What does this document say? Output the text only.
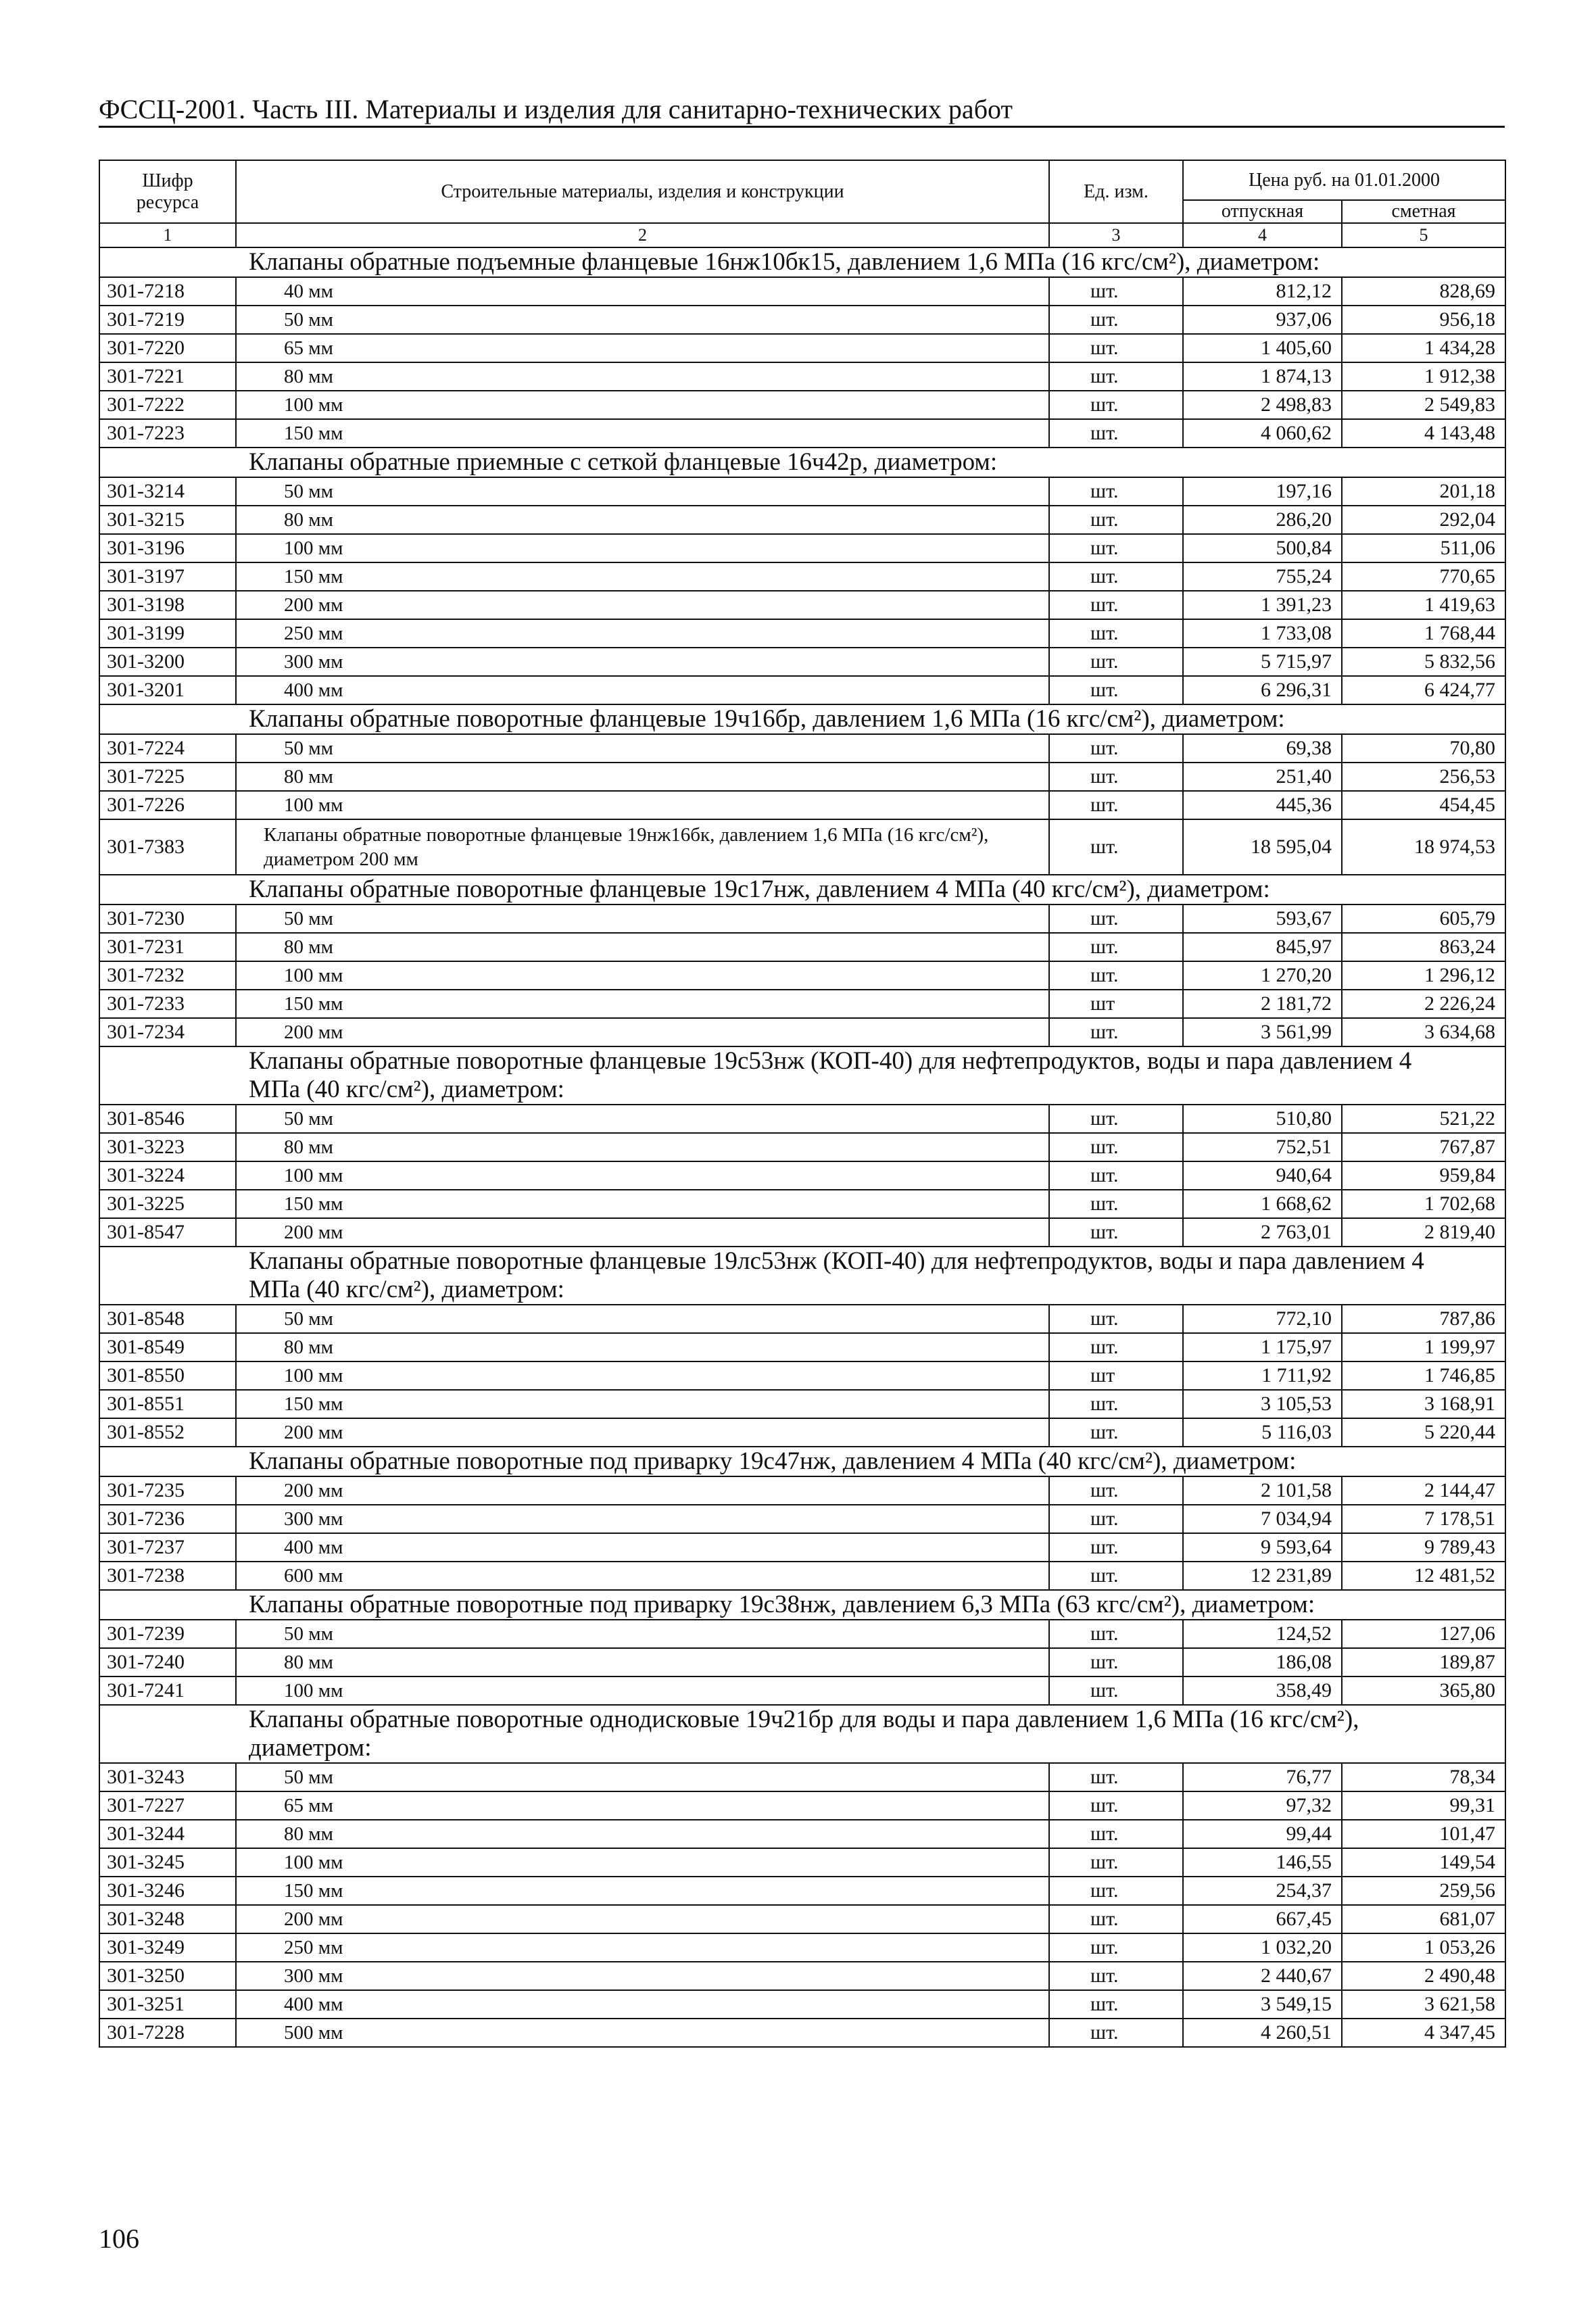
ФССЦ-2001. Часть III. Материалы и изделия для санитарно-технических работ
Шифр ресурса	Строительные материалы, изделия и конструкции	Ед. изм.	Цена руб. на 01.01.2000	
			отпускная	сметная
1	2	3	4	5
Клапаны обратные подъемные фланцевые 16нж10бк15, давлением 1,6 МПа (16 кгс/см²), диаметром:				
301-7218	40 мм	шт.	812,12	828,69
301-7219	50 мм	шт.	937,06	956,18
301-7220	65 мм	шт.	1 405,60	1 434,28
301-7221	80 мм	шт.	1 874,13	1 912,38
301-7222	100 мм	шт.	2 498,83	2 549,83
301-7223	150 мм	шт.	4 060,62	4 143,48
Клапаны обратные приемные с сеткой фланцевые 16ч42р, диаметром:				
301-3214	50 мм	шт.	197,16	201,18
301-3215	80 мм	шт.	286,20	292,04
301-3196	100 мм	шт.	500,84	511,06
301-3197	150 мм	шт.	755,24	770,65
301-3198	200 мм	шт.	1 391,23	1 419,63
301-3199	250 мм	шт.	1 733,08	1 768,44
301-3200	300 мм	шт.	5 715,97	5 832,56
301-3201	400 мм	шт.	6 296,31	6 424,77
Клапаны обратные поворотные фланцевые 19ч16бр, давлением 1,6 МПа (16 кгс/см²), диаметром:				
301-7224	50 мм	шт.	69,38	70,80
301-7225	80 мм	шт.	251,40	256,53
301-7226	100 мм	шт.	445,36	454,45
301-7383	Клапаны обратные поворотные фланцевые 19нж16бк, давлением 1,6 МПа (16 кгс/см²), диаметром 200 мм	шт.	18 595,04	18 974,53
Клапаны обратные поворотные фланцевые 19с17нж, давлением 4 МПа (40 кгс/см²), диаметром:				
301-7230	50 мм	шт.	593,67	605,79
301-7231	80 мм	шт.	845,97	863,24
301-7232	100 мм	шт.	1 270,20	1 296,12
301-7233	150 мм	шт	2 181,72	2 226,24
301-7234	200 мм	шт.	3 561,99	3 634,68
Клапаны обратные поворотные фланцевые 19с53нж (КОП-40) для нефтепродуктов, воды и пара давлением 4 МПа (40 кгс/см²), диаметром:				
301-8546	50 мм	шт.	510,80	521,22
301-3223	80 мм	шт.	752,51	767,87
301-3224	100 мм	шт.	940,64	959,84
301-3225	150 мм	шт.	1 668,62	1 702,68
301-8547	200 мм	шт.	2 763,01	2 819,40
Клапаны обратные поворотные фланцевые 19лс53нж (КОП-40) для нефтепродуктов, воды и пара давлением 4 МПа (40 кгс/см²), диаметром:				
301-8548	50 мм	шт.	772,10	787,86
301-8549	80 мм	шт.	1 175,97	1 199,97
301-8550	100 мм	шт	1 711,92	1 746,85
301-8551	150 мм	шт.	3 105,53	3 168,91
301-8552	200 мм	шт.	5 116,03	5 220,44
Клапаны обратные поворотные под приварку 19с47нж, давлением 4 МПа (40 кгс/см²), диаметром:				
301-7235	200 мм	шт.	2 101,58	2 144,47
301-7236	300 мм	шт.	7 034,94	7 178,51
301-7237	400 мм	шт.	9 593,64	9 789,43
301-7238	600 мм	шт.	12 231,89	12 481,52
Клапаны обратные поворотные под приварку 19с38нж, давлением 6,3 МПа (63 кгс/см²), диаметром:				
301-7239	50 мм	шт.	124,52	127,06
301-7240	80 мм	шт.	186,08	189,87
301-7241	100 мм	шт.	358,49	365,80
Клапаны обратные поворотные однодисковые 19ч21бр для воды и пара давлением 1,6 МПа (16 кгс/см²), диаметром:				
301-3243	50 мм	шт.	76,77	78,34
301-7227	65 мм	шт.	97,32	99,31
301-3244	80 мм	шт.	99,44	101,47
301-3245	100 мм	шт.	146,55	149,54
301-3246	150 мм	шт.	254,37	259,56
301-3248	200 мм	шт.	667,45	681,07
301-3249	250 мм	шт.	1 032,20	1 053,26
301-3250	300 мм	шт.	2 440,67	2 490,48
301-3251	400 мм	шт.	3 549,15	3 621,58
301-7228	500 мм	шт.	4 260,51	4 347,45
106
